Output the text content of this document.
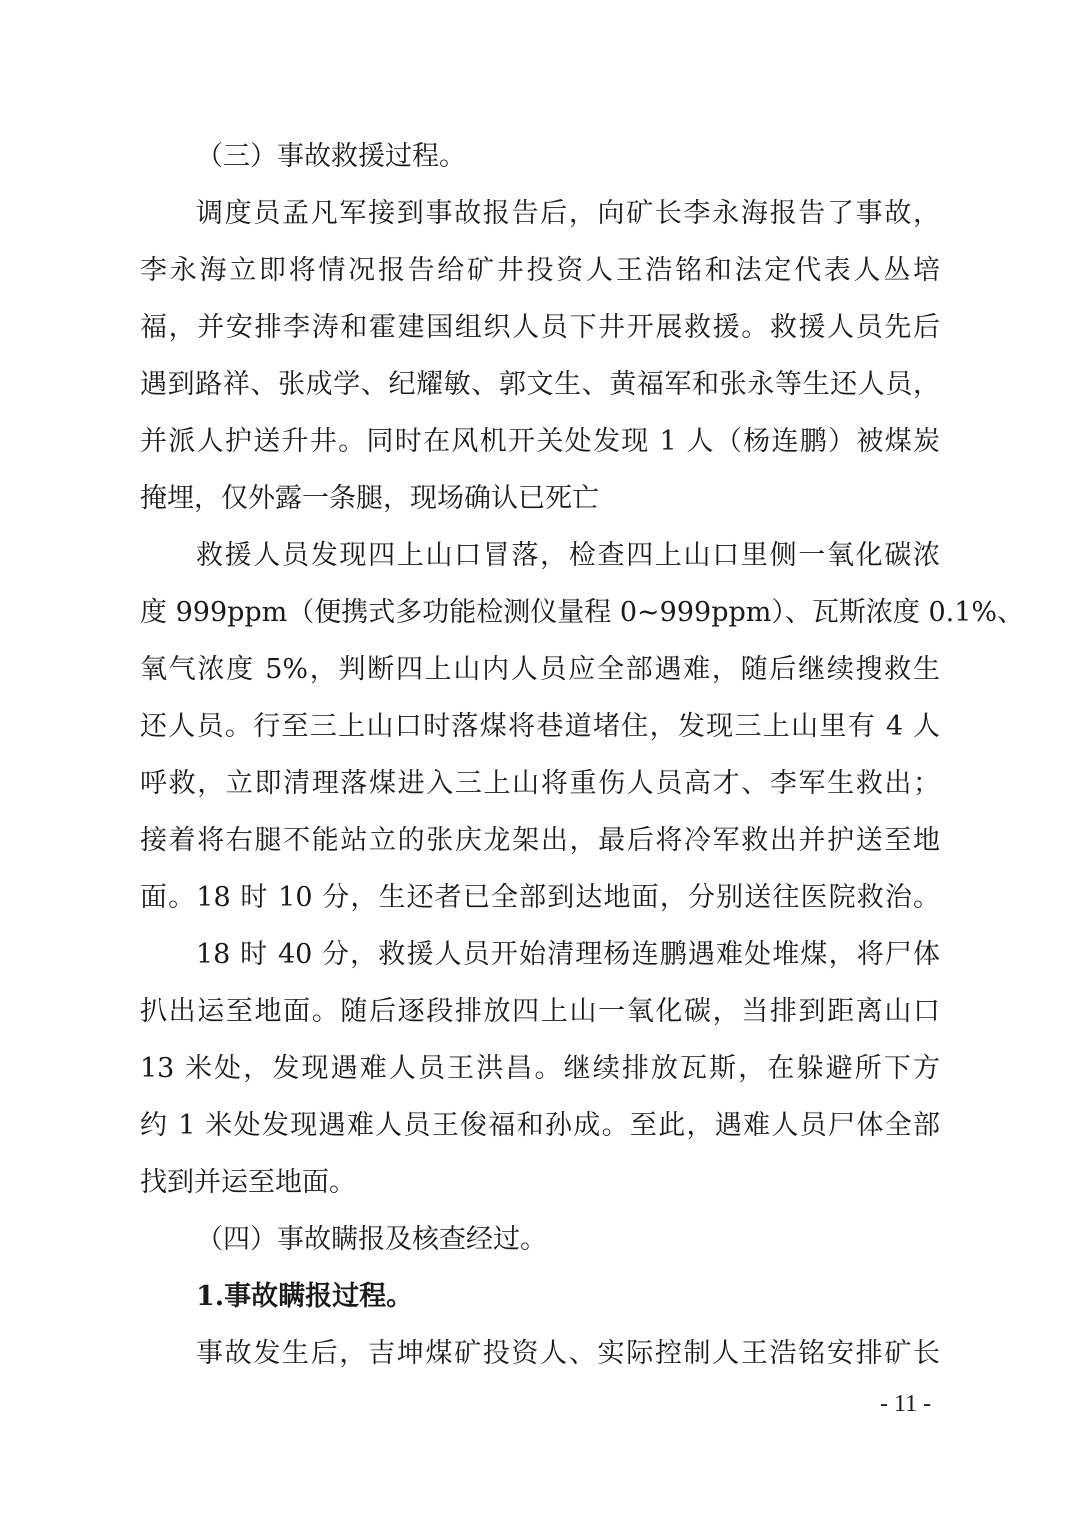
（三）事故救援过程。
调度员孟凡军接到事故报告后，向矿长李永海报告了事故，
李永海立即将情况报告给矿井投资人王浩铭和法定代表人丛培
福，并安排李涛和霍建国组织人员下井开展救援。救援人员先后
遇到路祥、张成学、纪耀敏、郭文生、黄福军和张永等生还人员，
并派人护送升井。同时在风机开关处发现 1 人（杨连鹏）被煤炭
掩埋，仅外露一条腿，现场确认已死亡
救援人员发现四上山口冒落，检查四上山口里侧一氧化碳浓
度 999ppm（便携式多功能检测仪量程 0~999ppm）、瓦斯浓度 0.1%、
氧气浓度 5%，判断四上山内人员应全部遇难，随后继续搜救生
还人员。行至三上山口时落煤将巷道堵住，发现三上山里有 4 人
呼救，立即清理落煤进入三上山将重伤人员高才、李军生救出；
接着将右腿不能站立的张庆龙架出，最后将冷军救出并护送至地
面。18 时 10 分，生还者已全部到达地面，分别送往医院救治。
18 时 40 分，救援人员开始清理杨连鹏遇难处堆煤，将尸体
扒出运至地面。随后逐段排放四上山一氧化碳，当排到距离山口
13 米处，发现遇难人员王洪昌。继续排放瓦斯，在躲避所下方
约 1 米处发现遇难人员王俊福和孙成。至此，遇难人员尸体全部
找到并运至地面。
（四）事故瞒报及核查经过。
1.事故瞒报过程。
事故发生后，吉坤煤矿投资人、实际控制人王浩铭安排矿长
- 11 -
